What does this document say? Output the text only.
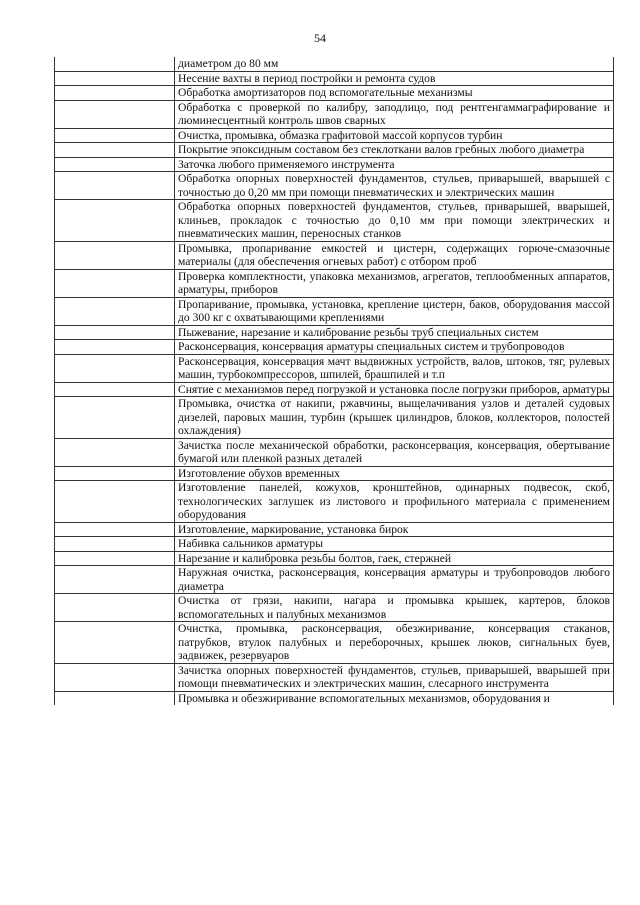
54
	диаметром до 80 мм
	Несение вахты в период постройки и ремонта судов
	Обработка амортизаторов под вспомогательные механизмы
	Обработка с проверкой по калибру, заподлицо, под рентгенгаммаграфирование и люминесцентный контроль швов сварных
	Очистка, промывка, обмазка графитовой массой корпусов турбин
	Покрытие эпоксидным составом без стеклоткани валов гребных любого диаметра
	Заточка любого применяемого инструмента
	Обработка опорных поверхностей фундаментов, стульев, приварышей, вварышей с точностью до 0,20 мм при помощи пневматических и электрических машин
	Обработка опорных поверхностей фундаментов, стульев, приварышей, вварышей, клиньев, прокладок с точностью до 0,10 мм при помощи электрических и пневматических машин, переносных станков
	Промывка, пропаривание емкостей и цистерн, содержащих горюче-смазочные материалы (для обеспечения огневых работ) с отбором проб
	Проверка комплектности, упаковка механизмов, агрегатов, теплообменных аппаратов, арматуры, приборов
	Пропаривание, промывка, установка, крепление цистерн, баков, оборудования массой до 300 кг с охватывающими креплениями
	Пыжевание, нарезание и калибрование резьбы труб специальных систем
	Расконсервация, консервация арматуры специальных систем и трубопроводов
	Расконсервация, консервация мачт выдвижных устройств, валов, штоков, тяг, рулевых машин, турбокомпрессоров, шпилей, брашпилей и т.п
	Снятие с механизмов перед погрузкой и установка после погрузки приборов, арматуры
	Промывка, очистка от накипи, ржавчины, выщелачивания узлов и деталей судовых дизелей, паровых машин, турбин (крышек цилиндров, блоков, коллекторов, полостей охлаждения)
	Зачистка после механической обработки, расконсервация, консервация, обертывание бумагой или пленкой разных деталей
	Изготовление обухов временных
	Изготовление панелей, кожухов, кронштейнов, одинарных подвесок, скоб, технологических заглушек из листового и профильного материала с применением оборудования
	Изготовление, маркирование, установка бирок
	Набивка сальников арматуры
	Нарезание и калибровка резьбы болтов, гаек, стержней
	Наружная очистка, расконсервация, консервация арматуры и трубопроводов любого диаметра
	Очистка от грязи, накипи, нагара и промывка крышек, картеров, блоков вспомогательных и палубных механизмов
	Очистка, промывка, расконсервация, обезжиривание, консервация стаканов, патрубков, втулок палубных и переборочных, крышек люков, сигнальных буев, задвижек, резервуаров
	Зачистка опорных поверхностей фундаментов, стульев, приварышей, вварышей при помощи пневматических и электрических машин, слесарного инструмента
	Промывка и обезжиривание вспомогательных механизмов, оборудования и
